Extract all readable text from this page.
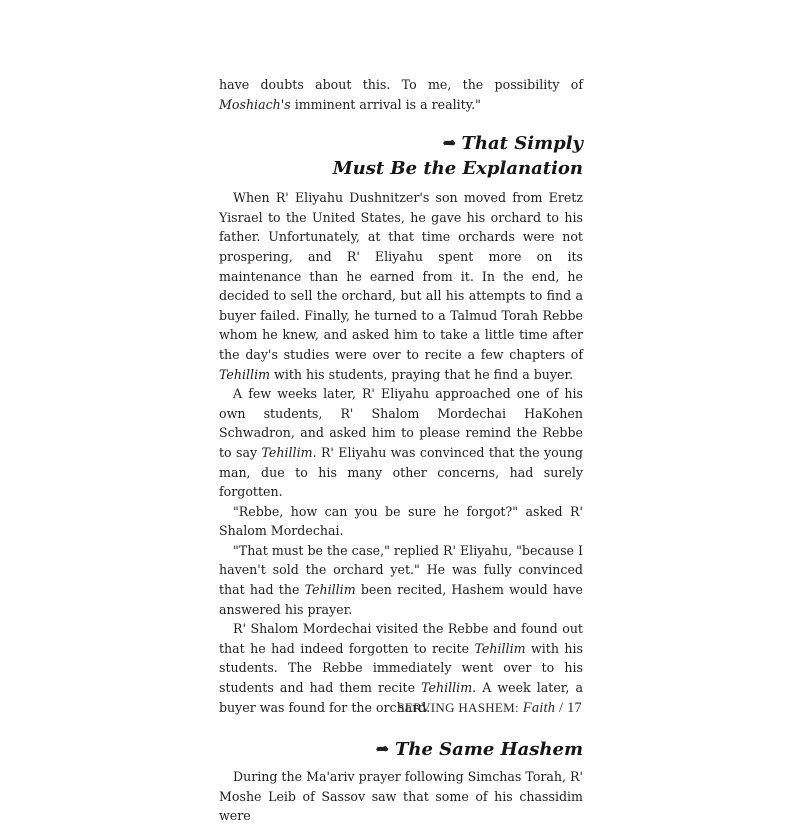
have doubts about this. To me, the possibility of Moshiach's imminent arrival is a reality."

That Simply
Must Be the Explanation

When R' Eliyahu Dushnitzer's son moved from Eretz Yisrael to the United States, he gave his orchard to his father. Unfortunately, at that time orchards were not prospering, and R' Eliyahu spent more on its maintenance than he earned from it. In the end, he decided to sell the orchard, but all his attempts to find a buyer failed. Finally, he turned to a Talmud Torah Rebbe whom he knew, and asked him to take a little time after the day's studies were over to recite a few chapters of Tehillim with his students, praying that he find a buyer.

A few weeks later, R' Eliyahu approached one of his own students, R' Shalom Mordechai HaKohen Schwadron, and asked him to please remind the Rebbe to say Tehillim. R' Eliyahu was convinced that the young man, due to his many other concerns, had surely forgotten.

"Rebbe, how can you be sure he forgot?" asked R' Shalom Mordechai.

"That must be the case," replied R' Eliyahu, "because I haven't sold the orchard yet." He was fully convinced that had the Tehillim been recited, Hashem would have answered his prayer.

R' Shalom Mordechai visited the Rebbe and found out that he had indeed forgotten to recite Tehillim with his students. The Rebbe immediately went over to his students and had them recite Tehillim. A week later, a buyer was found for the orchard.

The Same Hashem

During the Ma'ariv prayer following Simchas Torah, R' Moshe Leib of Sassov saw that some of his chassidim were

SERVING HASHEM: Faith / 17
